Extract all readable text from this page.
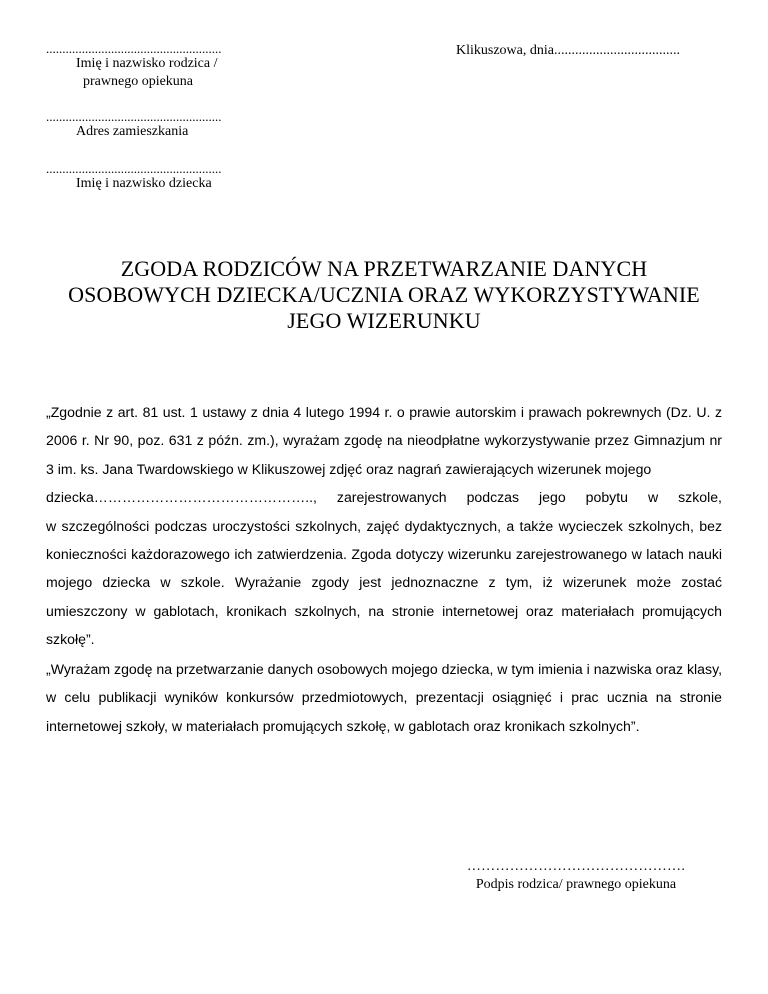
......................................................
Imię i nazwisko rodzica /
prawnego opiekuna
......................................................
Adres zamieszkania
......................................................
Imię i nazwisko dziecka
Klikuszowa, dnia....................................
ZGODA RODZICÓW NA PRZETWARZANIE DANYCH
OSOBOWYCH DZIECKA/UCZNIA ORAZ WYKORZYSTYWANIE
JEGO WIZERUNKU
„Zgodnie z art. 81 ust. 1 ustawy z dnia 4 lutego 1994 r. o prawie autorskim i prawach pokrewnych (Dz. U. z 2006 r. Nr 90, poz. 631 z późn. zm.), wyrażam zgodę na nieodpłatne wykorzystywanie przez Gimnazjum nr 3 im. ks. Jana Twardowskiego w Klikuszowej zdjęć oraz nagrań zawierających wizerunek mojego
dziecka……………………………………….., zarejestrowanych podczas jego pobytu w szkole,
w szczególności podczas uroczystości szkolnych, zajęć dydaktycznych, a także wycieczek szkolnych, bez konieczności każdorazowego ich zatwierdzenia. Zgoda dotyczy wizerunku zarejestrowanego w latach nauki mojego dziecka w szkole. Wyrażanie zgody jest jednoznaczne z tym, iż wizerunek może zostać umieszczony w gablotach, kronikach szkolnych, na stronie internetowej oraz materiałach promujących szkołę”.
„Wyrażam zgodę na przetwarzanie danych osobowych mojego dziecka, w tym imienia i nazwiska oraz klasy, w celu publikacji wyników konkursów przedmiotowych, prezentacji osiągnięć i prac ucznia na stronie internetowej szkoły, w materiałach promujących szkołę, w gablotach oraz kronikach szkolnych”.
……………………………………….
Podpis rodzica/ prawnego opiekuna
